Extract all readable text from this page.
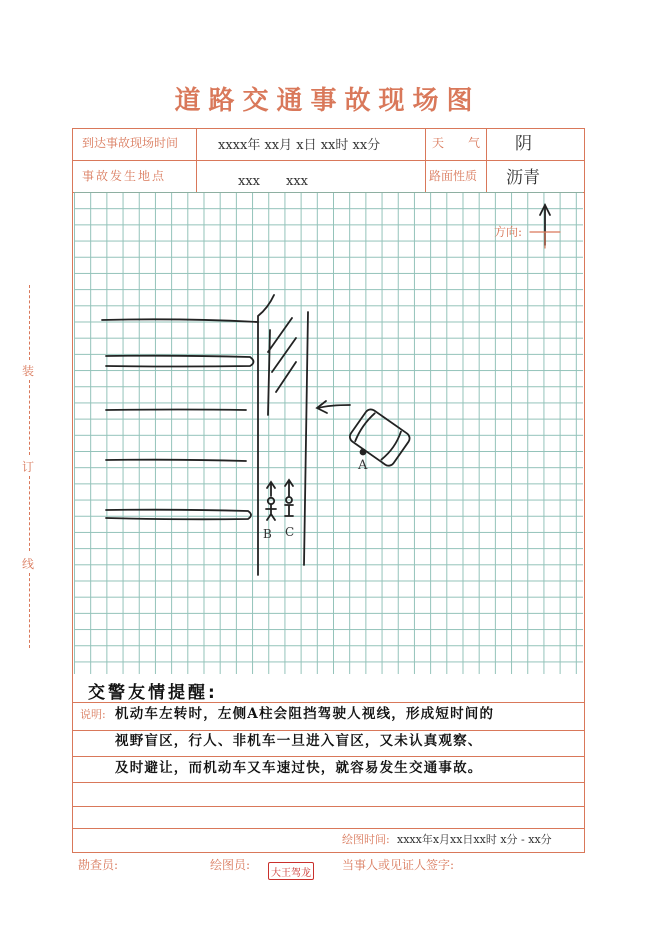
道路交通事故现场图
到达事故现场时间	xxxx年 xx月 x日 xx时 xx分	天　　气 阴
事故发生地点	xxx　　xxx	路面性质 沥青
方向:
A
B C
装
订
线
交警友情提醒:
说明: 机动车左转时，左侧A柱会阻挡驾驶人视线，形成短时间的
视野盲区，行人、非机车一旦进入盲区，又未认真观察、
及时避让，而机动车又车速过快，就容易发生交通事故。
绘图时间: xxxx年x月xx日xx时 x分 - xx分
勘查员:	绘图员:
大王驾龙
当事人或见证人签字:
